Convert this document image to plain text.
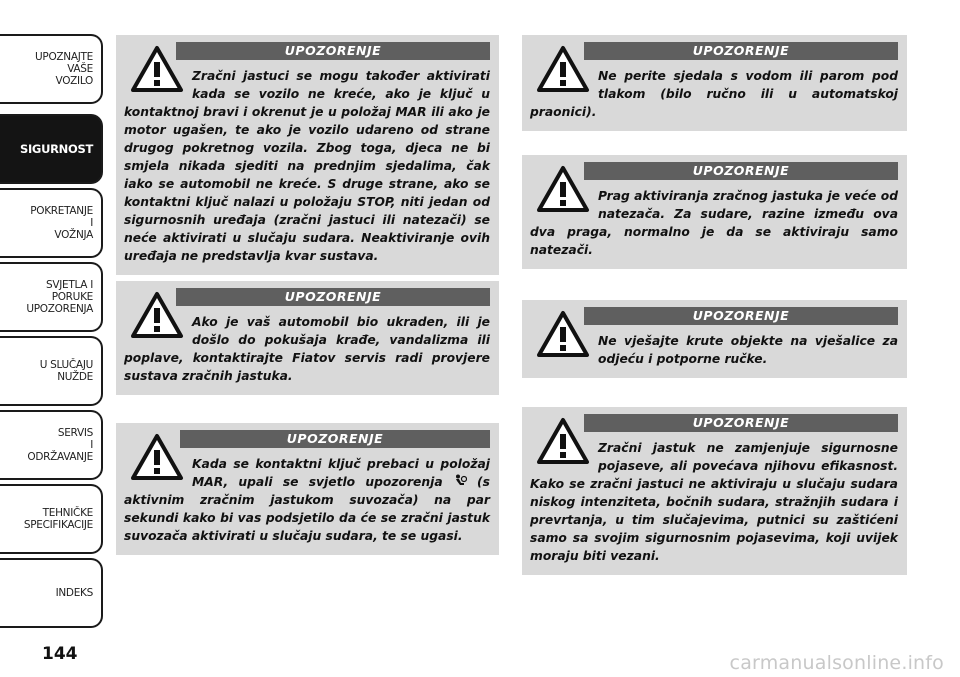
UPOZNAJTE
VAŠE
VOZILO
SIGURNOST
POKRETANJE
I
VOŽNJA
SVJETLA I
PORUKE
UPOZORENJA
U SLUČAJU
NUŽDE
SERVIS
I
ODRŽAVANJE
TEHNIČKE
SPECIFIKACIJE
INDEKS
144
UPOZORENJE
Zračni jastuci se mogu također aktivirati kada se vozilo ne kreće, ako je ključ u kontaktnoj bravi i okrenut je u položaj MAR ili ako je motor ugašen, te ako je vozilo udareno od strane drugog pokretnog vozila. Zbog toga, djeca ne bi smjela nikada sjediti na prednjim sjedalima, čak iako se automobil ne kreće. S druge strane, ako se kontaktni ključ nalazi u položaju STOP, niti jedan od sigurnosnih uređaja (zračni jastuci ili natezači) se neće aktivirati u slučaju sudara. Neaktiviranje ovih uređaja ne predstavlja kvar sustava.
UPOZORENJE
Ako je vaš automobil bio ukraden, ili je došlo do pokušaja krađe, vandalizma ili poplave, kontaktirajte Fiatov servis radi provjere sustava zračnih jastuka.
UPOZORENJE
Kada se kontaktni ključ prebaci u položaj MAR, upali se svjetlo upozorenja  (s aktivnim zračnim jastukom suvozača) na par sekundi kako bi vas podsjetilo da će se zračni jastuk suvozača aktivirati u slučaju sudara, te se ugasi.
UPOZORENJE
Ne perite sjedala s vodom ili parom pod tlakom (bilo ručno ili u automatskoj praonici).
UPOZORENJE
Prag aktiviranja zračnog jastuka je veće od natezača. Za sudare, razine između ova dva praga, normalno je da se aktiviraju samo natezači.
UPOZORENJE
Ne vješajte krute objekte na vješalice za odjeću i potporne ručke.
UPOZORENJE
Zračni jastuk ne zamjenjuje sigurnosne pojaseve, ali povećava njihovu efikasnost. Kako se zračni jastuci ne aktiviraju u slučaju sudara niskog intenziteta, bočnih sudara, stražnjih sudara i prevrtanja, u tim slučajevima, putnici su zaštićeni samo sa svojim sigurnosnim pojasevima, koji uvijek moraju biti vezani.
carmanualsonline.info
